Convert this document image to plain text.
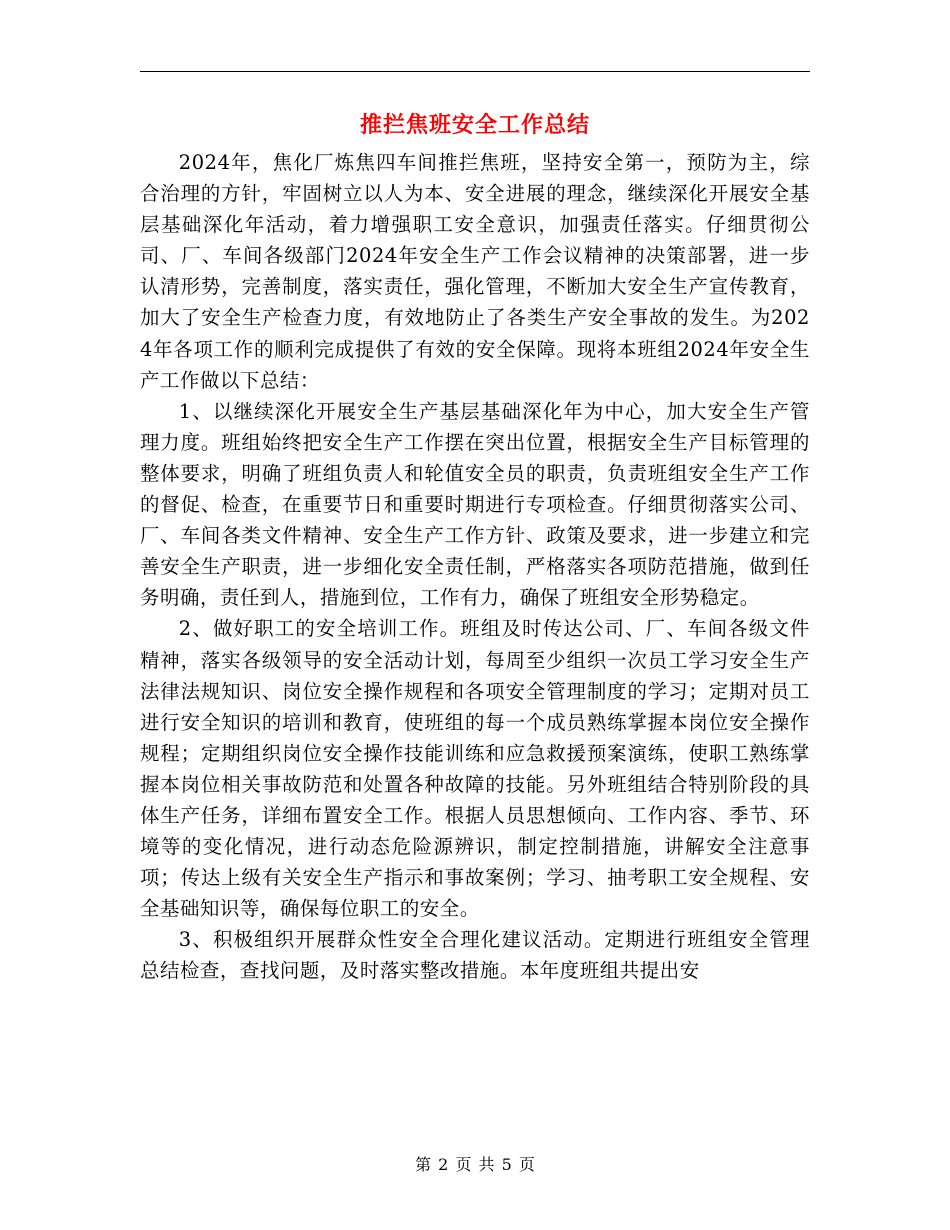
推拦焦班安全工作总结

2024年，焦化厂炼焦四车间推拦焦班，坚持安全第一，预防为主，综合治理的方针，牢固树立以人为本、安全进展的理念，继续深化开展安全基层基础深化年活动，着力增强职工安全意识，加强责任落实。仔细贯彻公司、厂、车间各级部门2024年安全生产工作会议精神的决策部署，进一步认清形势，完善制度，落实责任，强化管理，不断加大安全生产宣传教育，加大了安全生产检查力度，有效地防止了各类生产安全事故的发生。为2024年各项工作的顺利完成提供了有效的安全保障。现将本班组2024年安全生产工作做以下总结：

1、以继续深化开展安全生产基层基础深化年为中心，加大安全生产管理力度。班组始终把安全生产工作摆在突出位置，根据安全生产目标管理的整体要求，明确了班组负责人和轮值安全员的职责，负责班组安全生产工作的督促、检查，在重要节日和重要时期进行专项检查。仔细贯彻落实公司、厂、车间各类文件精神、安全生产工作方针、政策及要求，进一步建立和完善安全生产职责，进一步细化安全责任制，严格落实各项防范措施，做到任务明确，责任到人，措施到位，工作有力，确保了班组安全形势稳定。

2、做好职工的安全培训工作。班组及时传达公司、厂、车间各级文件精神，落实各级领导的安全活动计划，每周至少组织一次员工学习安全生产法律法规知识、岗位安全操作规程和各项安全管理制度的学习；定期对员工进行安全知识的培训和教育，使班组的每一个成员熟练掌握本岗位安全操作规程；定期组织岗位安全操作技能训练和应急救援预案演练，使职工熟练掌握本岗位相关事故防范和处置各种故障的技能。另外班组结合特别阶段的具体生产任务，详细布置安全工作。根据人员思想倾向、工作内容、季节、环境等的变化情况，进行动态危险源辨识，制定控制措施，讲解安全注意事项；传达上级有关安全生产指示和事故案例；学习、抽考职工安全规程、安全基础知识等，确保每位职工的安全。

3、积极组织开展群众性安全合理化建议活动。定期进行班组安全管理总结检查，查找问题，及时落实整改措施。本年度班组共提出安

第 2 页 共 5 页
